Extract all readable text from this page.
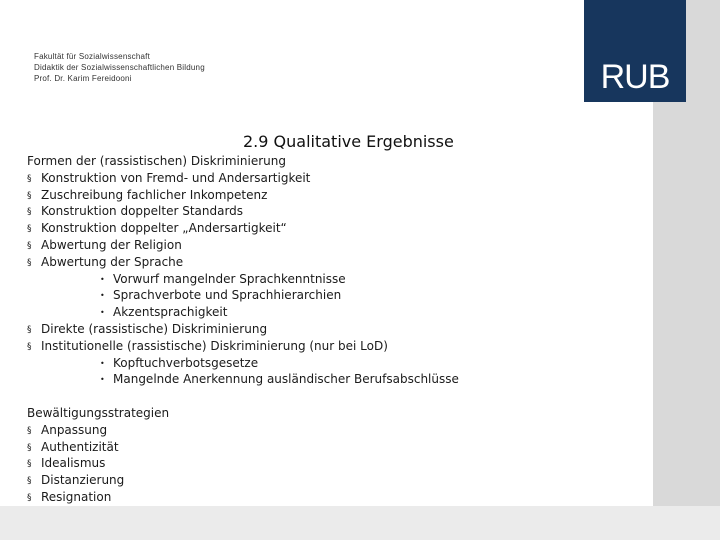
Fakultät für Sozialwissenschaft
Didaktik der Sozialwissenschaftlichen Bildung
Prof. Dr. Karim Fereidooni
2.9 Qualitative Ergebnisse
Formen der (rassistischen) Diskriminierung
§ Konstruktion von Fremd- und Andersartigkeit
§ Zuschreibung fachlicher Inkompetenz
§ Konstruktion doppelter Standards
§ Konstruktion doppelter „Andersartigkeit“
§ Abwertung der Religion
§ Abwertung der Sprache
• Vorwurf mangelnder Sprachkenntnisse
• Sprachverbote und Sprachhierarchien
• Akzentsprachigkeit
§ Direkte (rassistische) Diskriminierung
§ Institutionelle (rassistische) Diskriminierung (nur bei LoD)
• Kopftuchverbotsgesetze
• Mangelnde Anerkennung ausländischer Berufsabschlüsse
Bewältigungsstrategien
§ Anpassung
§ Authentizität
§ Idealismus
§ Distanzierung
§ Resignation
RUB
